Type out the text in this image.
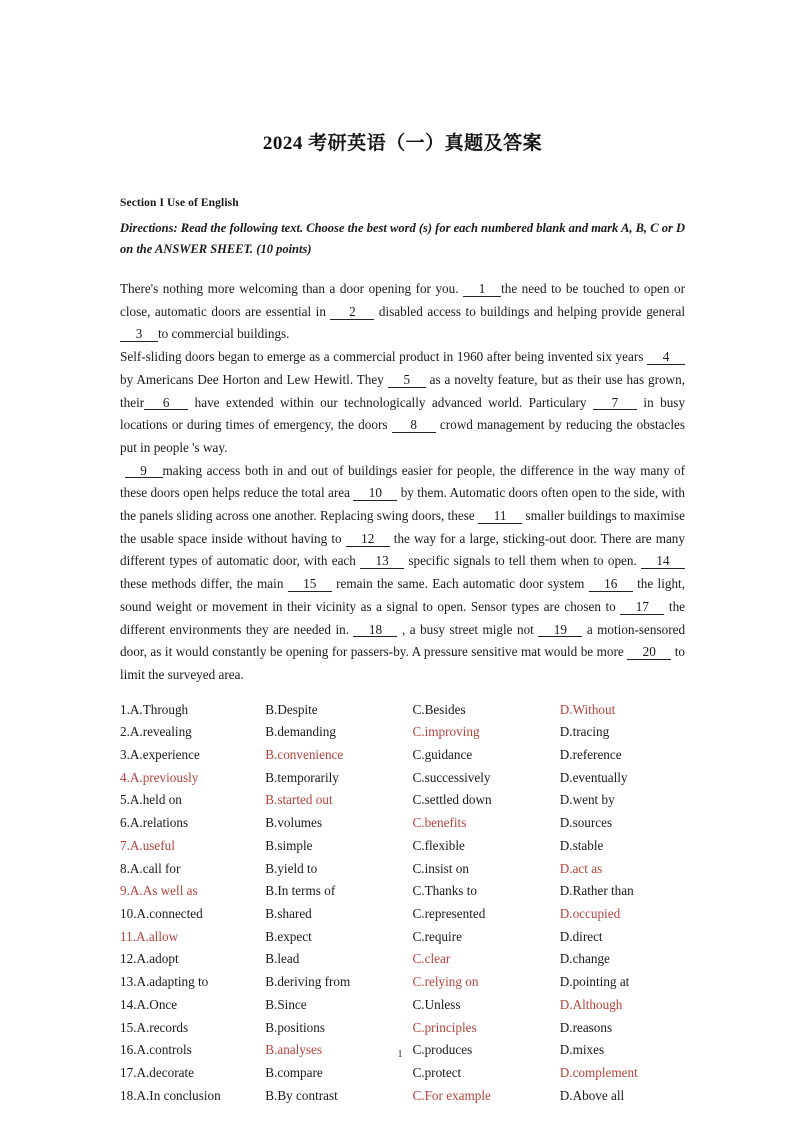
2024 考研英语（一）真题及答案
Section I Use of English
Directions: Read the following text. Choose the best word (s) for each numbered blank and mark A, B, C or D on the ANSWER SHEET. (10 points)

There's nothing more welcoming than a door opening for you. 1 the need to be touched to open or close, automatic doors are essential in 2 disabled access to buildings and helping provide general 3 to commercial buildings.

Self-sliding doors began to emerge as a commercial product in 1960 after being invented six years 4 by Americans Dee Horton and Lew Hewitl. They 5 as a novelty feature, but as their use has grown, their 6 have extended within our technologically advanced world. Particulary 7 in busy locations or during times of emergency, the doors 8 crowd management by reducing the obstacles put in people 's way.

9 making access both in and out of buildings easier for people, the difference in the way many of these doors open helps reduce the total area 10 by them. Automatic doors often open to the side, with the panels sliding across one another. Replacing swing doors, these 11 smaller buildings to maximise the usable space inside without having to 12 the way for a large, sticking-out door. There are many different types of automatic door, with each 13 specific signals to tell them when to open. 14 these methods differ, the main 15 remain the same. Each automatic door system 16 the light, sound weight or movement in their vicinity as a signal to open. Sensor types are chosen to 17 the different environments they are needed in. 18 , a busy street migle not 19 a motion-sensored door, as it would constantly be opening for passers-by. A pressure sensitive mat would be more 20 to limit the surveyed area.

1.A.Through	B.Despite	C.Besides	D.Without
2.A.revealing	B.demanding	C.improving	D.tracing
3.A.experience	B.convenience	C.guidance	D.reference
4.A.previously	B.temporarily	C.successively	D.eventually
5.A.held on	B.started out	C.settled down	D.went by
6.A.relations	B.volumes	C.benefits	D.sources
7.A.useful	B.simple	C.flexible	D.stable
8.A.call for	B.yield to	C.insist on	D.act as
9.A.As well as	B.In terms of	C.Thanks to	D.Rather than
10.A.connected	B.shared	C.represented	D.occupied
11.A.allow	B.expect	C.require	D.direct
12.A.adopt	B.lead	C.clear	D.change
13.A.adapting to	B.deriving from	C.relying on	D.pointing at
14.A.Once	B.Since	C.Unless	D.Although
15.A.records	B.positions	C.principles	D.reasons
16.A.controls	B.analyses	C.produces	D.mixes
17.A.decorate	B.compare	C.protect	D.complement
18.A.In conclusion	B.By contrast	C.For example	D.Above all
1
